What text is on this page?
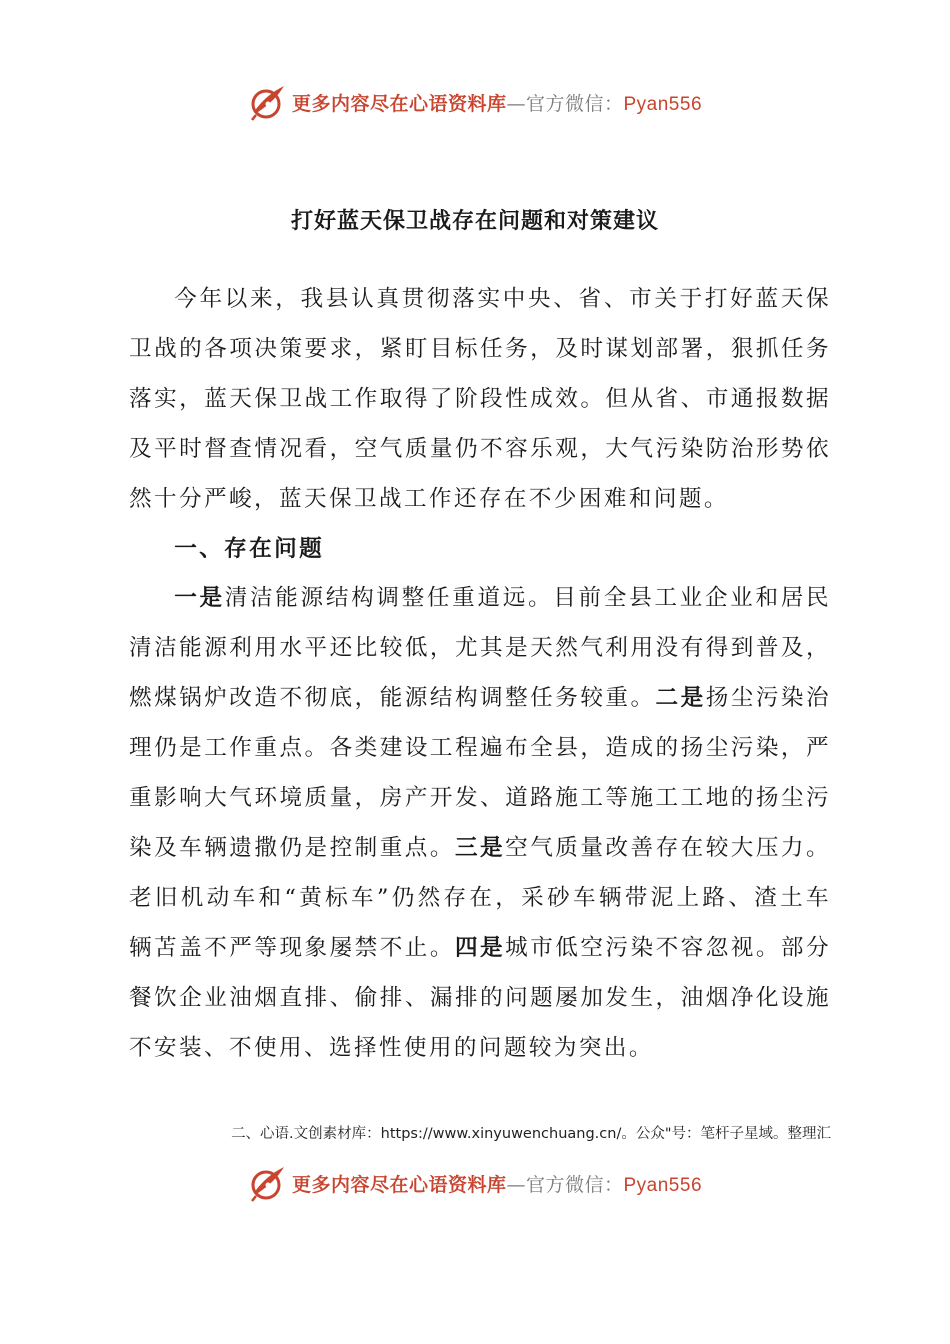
更多内容尽在心语资料库—官方微信：Pyan556
打好蓝天保卫战存在问题和对策建议

今年以来，我县认真贯彻落实中央、省、市关于打好蓝天保卫战的各项决策要求，紧盯目标任务，及时谋划部署，狠抓任务落实，蓝天保卫战工作取得了阶段性成效。但从省、市通报数据及平时督查情况看，空气质量仍不容乐观，大气污染防治形势依然十分严峻，蓝天保卫战工作还存在不少困难和问题。

一、存在问题

一是清洁能源结构调整任重道远。目前全县工业企业和居民清洁能源利用水平还比较低，尤其是天然气利用没有得到普及，燃煤锅炉改造不彻底，能源结构调整任务较重。二是扬尘污染治理仍是工作重点。各类建设工程遍布全县，造成的扬尘污染，严重影响大气环境质量，房产开发、道路施工等施工工地的扬尘污染及车辆遗撒仍是控制重点。三是空气质量改善存在较大压力。老旧机动车和“黄标车”仍然存在，采砂车辆带泥上路、渣土车辆苫盖不严等现象屡禁不止。四是城市低空污染不容忽视。部分餐饮企业油烟直排、偷排、漏排的问题屡加发生，油烟净化设施不安装、不使用、选择性使用的问题较为突出。

二、心语.文创素材库：https://www.xinyuwenchuang.cn/。公众"号：笔杆子星域。整理汇
更多内容尽在心语资料库—官方微信：Pyan556
